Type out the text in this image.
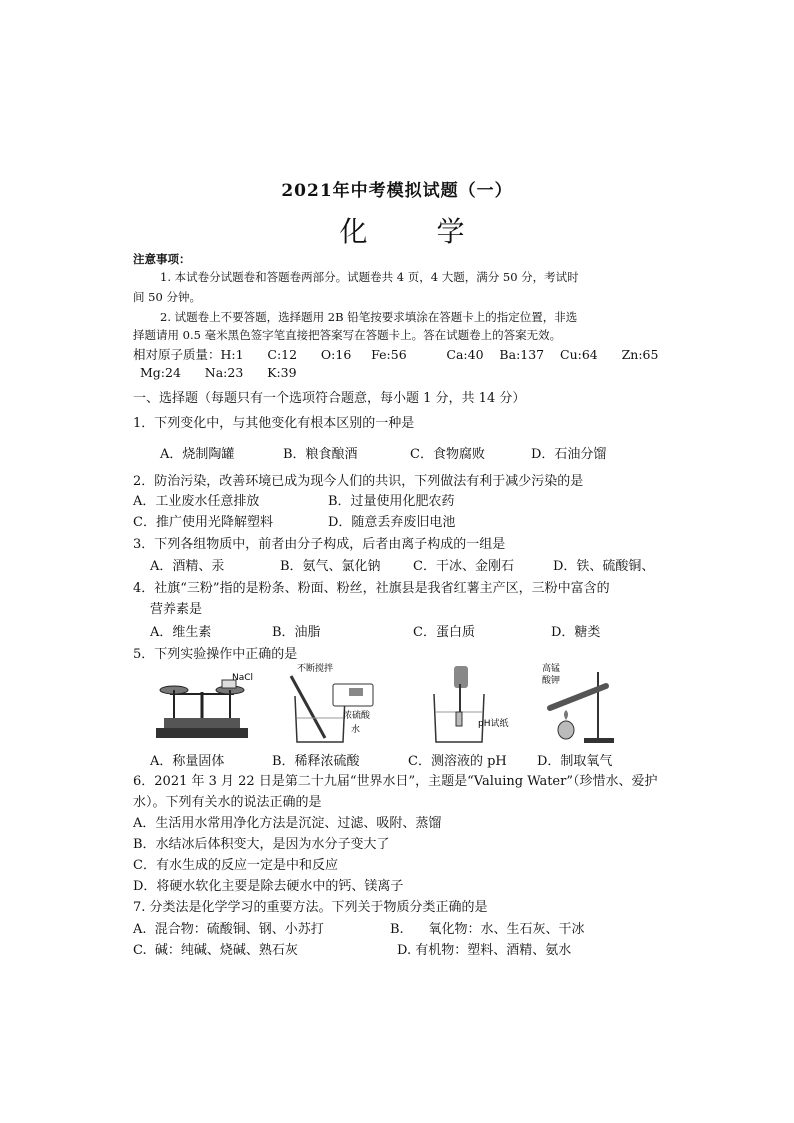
2021年中考模拟试题（一）
化 学
注意事项：
1. 本试卷分试题卷和答题卷两部分。试题卷共 4 页，4 大题，满分 50 分，考试时
间 50 分钟。
2. 试题卷上不要答题，选择题用 2B 铅笔按要求填涂在答题卡上的指定位置，非选
择题请用 0.5 毫米黑色签字笔直接把答案写在答题卡上。答在试题卷上的答案无效。
相对原子质量：H:1      C:12      O:16     Fe:56          Ca:40    Ba:137    Cu:64      Zn:65
Mg:24      Na:23      K:39
一、选择题（每题只有一个选项符合题意，每小题 1 分，共 14 分）
1．下列变化中，与其他变化有根本区别的一种是
A．烧制陶罐	B．粮食酿酒	C．食物腐败	D．石油分馏
2．防治污染，改善环境已成为现今人们的共识，下列做法有利于减少污染的是
A．工业废水任意排放	B．过量使用化肥农药
C．推广使用光降解塑料	D．随意丢弃废旧电池
3．下列各组物质中，前者由分子构成，后者由离子构成的一组是
A．酒精、汞	B．氨气、氯化钠 C．干冰、金刚石	D．铁、硫酸铜、
4．社旗“三粉”指的是粉条、粉面、粉丝，社旗县是我省红薯主产区，三粉中富含的
营养素是
A．维生素	B．油脂	C．蛋白质	D．糖类
5．下列实验操作中正确的是
NaCl
不断搅拌
浓硫酸
水
pH试纸
高锰
酸钾
A．称量固体	B．稀释浓硫酸	C．测溶液的 pH D．制取氧气
6．2021 年 3 月 22 日是第二十九届“世界水日”，主题是“Valuing Water”（珍惜水、爱护
水）。下列有关水的说法正确的是
A．生活用水常用净化方法是沉淀、过滤、吸附、蒸馏
B．水结冰后体积变大，是因为水分子变大了
C．有水生成的反应一定是中和反应
D．将硬水软化主要是除去硬水中的钙、镁离子
7. 分类法是化学学习的重要方法。下列关于物质分类正确的是
A.  混合物：硫酸铜、钢、小苏打	B.      氧化物：水、生石灰、干冰
C.  碱：纯碱、烧碱、熟石灰	D. 有机物：塑料、酒精、氨水
